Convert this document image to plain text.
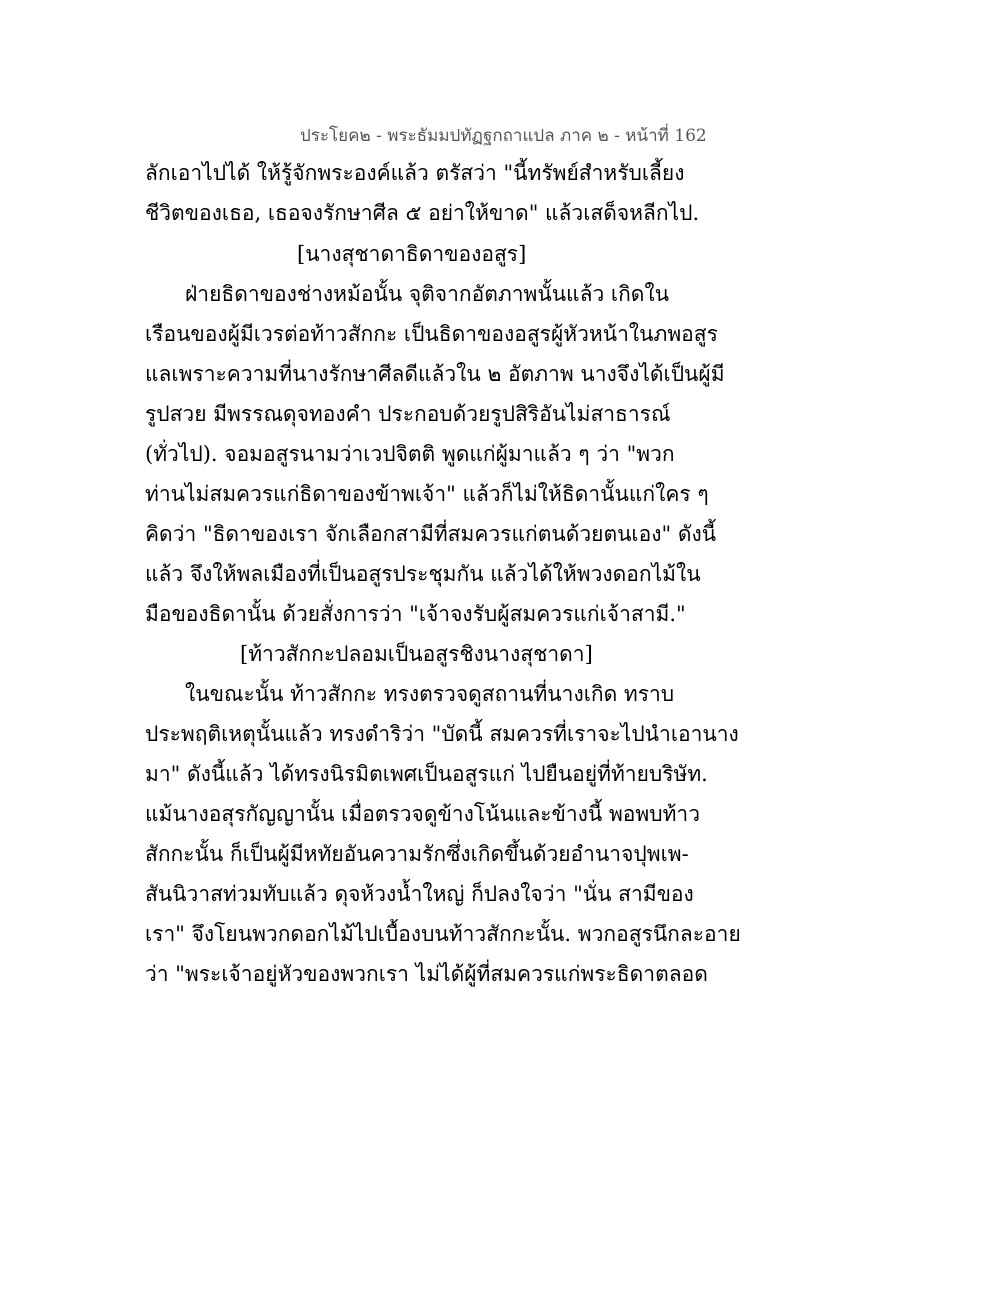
ประโยค๒ - พระธัมมปทัฏฐกถาแปล ภาค ๒ - หน้าที่ 162
ลักเอาไปได้ ให้รู้จักพระองค์แล้ว ตรัสว่า "นี้ทรัพย์สำหรับเลี้ยง
ชีวิตของเธอ, เธอจงรักษาศีล ๕ อย่าให้ขาด" แล้วเสด็จหลีกไป.
[นางสุชาดาธิดาของอสูร]
ฝ่ายธิดาของช่างหม้อนั้น จุติจากอัตภาพนั้นแล้ว เกิดใน
เรือนของผู้มีเวรต่อท้าวสักกะ เป็นธิดาของอสูรผู้หัวหน้าในภพอสูร
แลเพราะความที่นางรักษาศีลดีแล้วใน ๒ อัตภาพ นางจึงได้เป็นผู้มี
รูปสวย มีพรรณดุจทองคำ ประกอบด้วยรูปสิริอันไม่สาธารณ์
(ทั่วไป). จอมอสูรนามว่าเวปจิตติ พูดแก่ผู้มาแล้ว ๆ ว่า "พวก
ท่านไม่สมควรแก่ธิดาของข้าพเจ้า" แล้วก็ไม่ให้ธิดานั้นแก่ใคร ๆ
คิดว่า "ธิดาของเรา จักเลือกสามีที่สมควรแก่ตนด้วยตนเอง" ดังนี้
แล้ว จึงให้พลเมืองที่เป็นอสูรประชุมกัน แล้วได้ให้พวงดอกไม้ใน
มือของธิดานั้น ด้วยสั่งการว่า "เจ้าจงรับผู้สมควรแก่เจ้าสามี."
[ท้าวสักกะปลอมเป็นอสูรชิงนางสุชาดา]
ในขณะนั้น ท้าวสักกะ ทรงตรวจดูสถานที่นางเกิด ทราบ
ประพฤติเหตุนั้นแล้ว ทรงดำริว่า "บัดนี้ สมควรที่เราจะไปนำเอานาง
มา" ดังนี้แล้ว ได้ทรงนิรมิตเพศเป็นอสูรแก่ ไปยืนอยู่ที่ท้ายบริษัท.
แม้นางอสุรกัญญานั้น เมื่อตรวจดูข้างโน้นและข้างนี้ พอพบท้าว
สักกะนั้น ก็เป็นผู้มีหทัยอันความรักซึ่งเกิดขึ้นด้วยอำนาจปุพเพ-
สันนิวาสท่วมทับแล้ว ดุจห้วงน้ำใหญ่ ก็ปลงใจว่า "นั่น สามีของ
เรา" จึงโยนพวกดอกไม้ไปเบื้องบนท้าวสักกะนั้น. พวกอสูรนึกละอาย
ว่า "พระเจ้าอยู่หัวของพวกเรา ไม่ได้ผู้ที่สมควรแก่พระธิดาตลอด
